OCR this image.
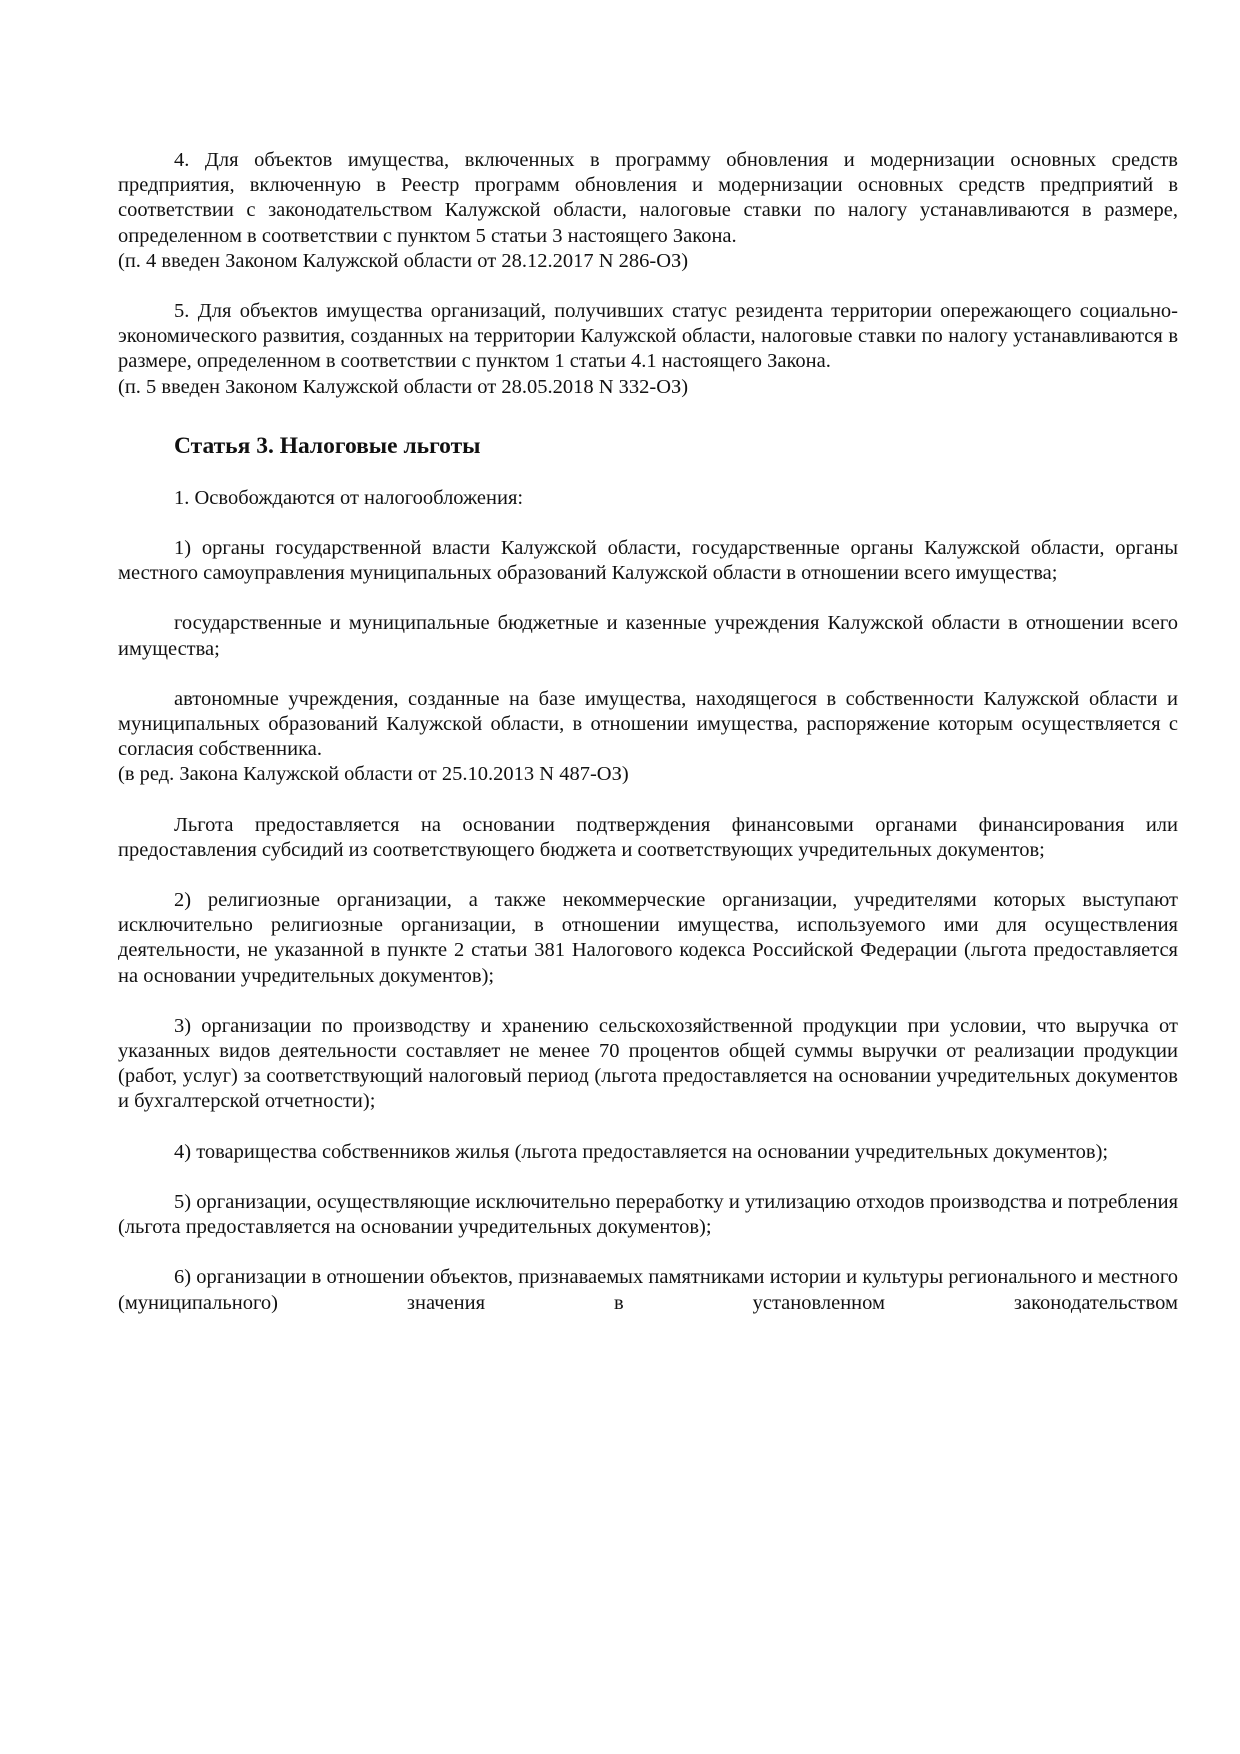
4. Для объектов имущества, включенных в программу обновления и модернизации основных средств предприятия, включенную в Реестр программ обновления и модернизации основных средств предприятий в соответствии с законодательством Калужской области, налоговые ставки по налогу устанавливаются в размере, определенном в соответствии с пунктом 5 статьи 3 настоящего Закона.

(п. 4 введен Законом Калужской области от 28.12.2017 N 286-ОЗ)

5. Для объектов имущества организаций, получивших статус резидента территории опережающего социально-экономического развития, созданных на территории Калужской области, налоговые ставки по налогу устанавливаются в размере, определенном в соответствии с пунктом 1 статьи 4.1 настоящего Закона.

(п. 5 введен Законом Калужской области от 28.05.2018 N 332-ОЗ)

Статья 3. Налоговые льготы

1. Освобождаются от налогообложения:

1) органы государственной власти Калужской области, государственные органы Калужской области, органы местного самоуправления муниципальных образований Калужской области в отношении всего имущества;

государственные и муниципальные бюджетные и казенные учреждения Калужской области в отношении всего имущества;

автономные учреждения, созданные на базе имущества, находящегося в собственности Калужской области и муниципальных образований Калужской области, в отношении имущества, распоряжение которым осуществляется с согласия собственника.

(в ред. Закона Калужской области от 25.10.2013 N 487-ОЗ)

Льгота предоставляется на основании подтверждения финансовыми органами финансирования или предоставления субсидий из соответствующего бюджета и соответствующих учредительных документов;

2) религиозные организации, а также некоммерческие организации, учредителями которых выступают исключительно религиозные организации, в отношении имущества, используемого ими для осуществления деятельности, не указанной в пункте 2 статьи 381 Налогового кодекса Российской Федерации (льгота предоставляется на основании учредительных документов);

3) организации по производству и хранению сельскохозяйственной продукции при условии, что выручка от указанных видов деятельности составляет не менее 70 процентов общей суммы выручки от реализации продукции (работ, услуг) за соответствующий налоговый период (льгота предоставляется на основании учредительных документов и бухгалтерской отчетности);

4) товарищества собственников жилья (льгота предоставляется на основании учредительных документов);

5) организации, осуществляющие исключительно переработку и утилизацию отходов производства и потребления (льгота предоставляется на основании учредительных документов);

6) организации в отношении объектов, признаваемых памятниками истории и культуры регионального и местного (муниципального) значения в установленном законодательством
